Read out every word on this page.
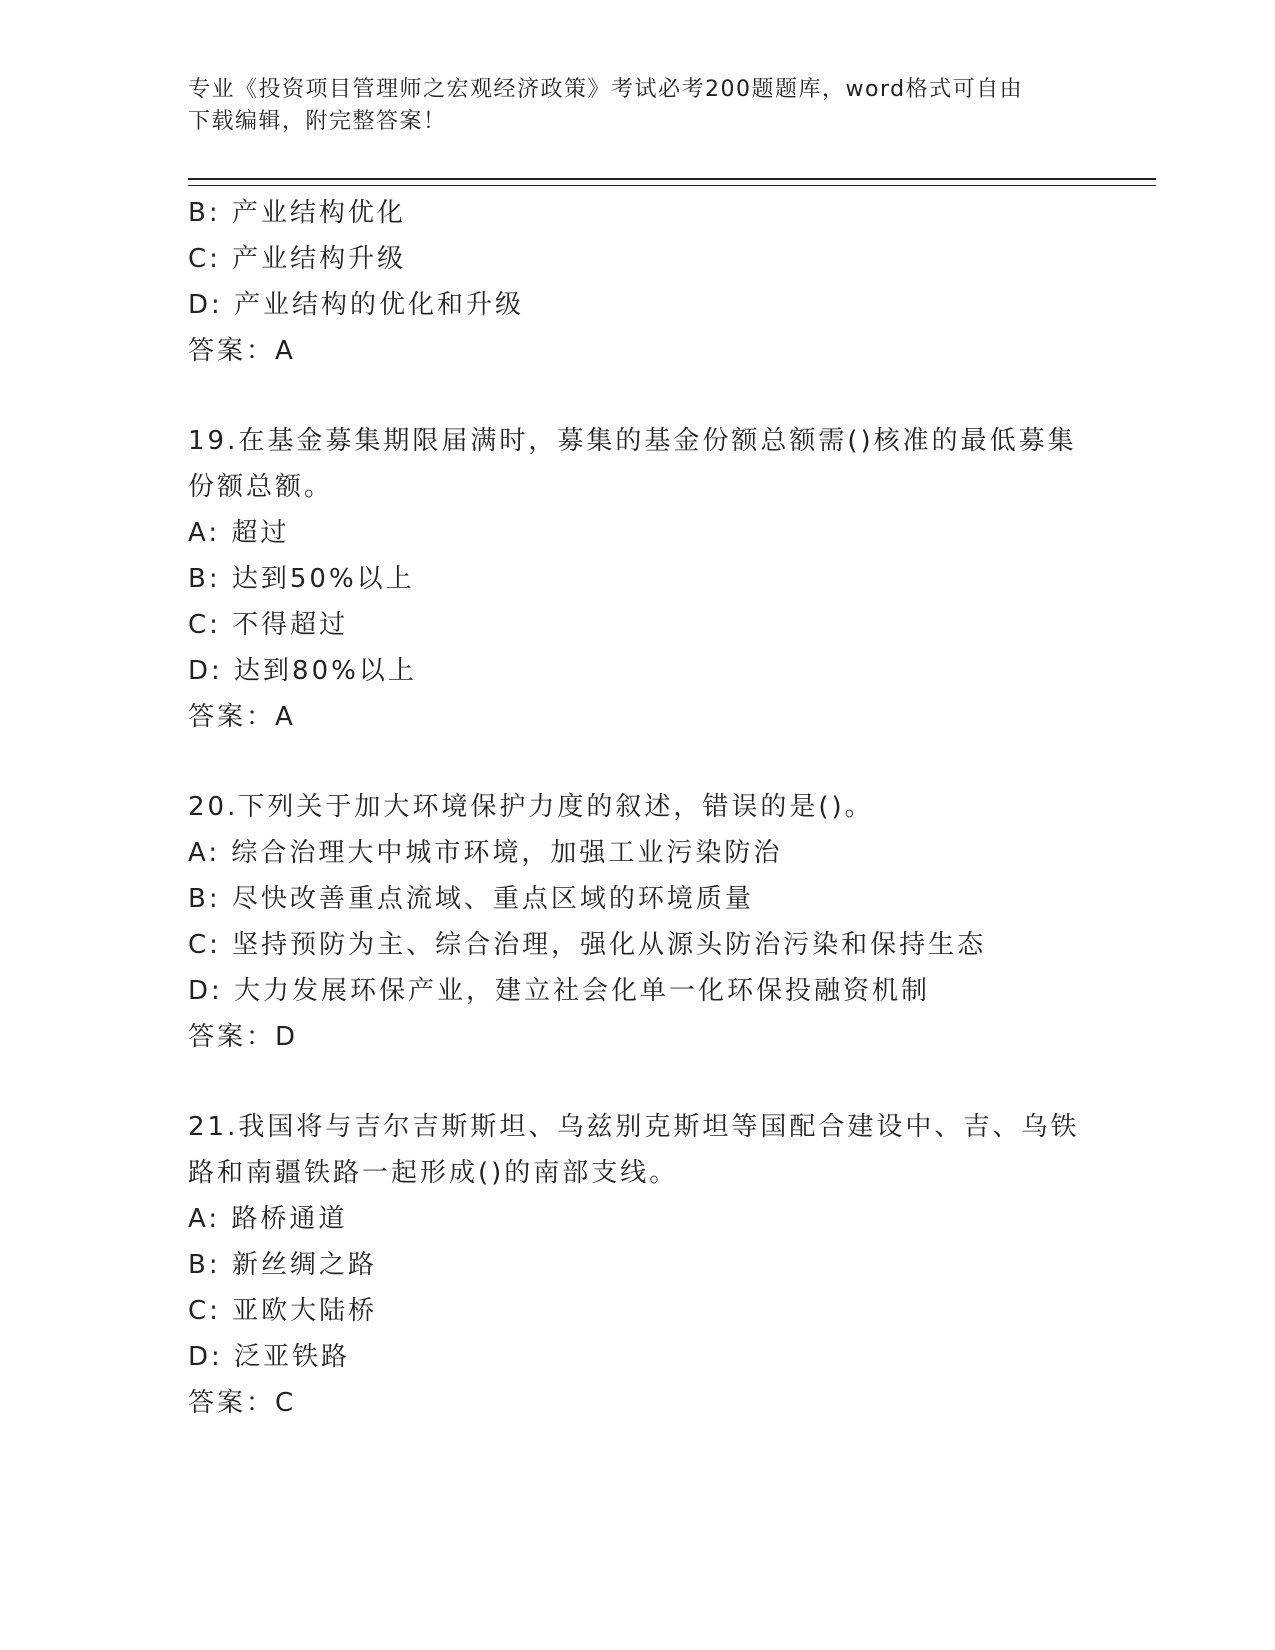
专业《投资项目管理师之宏观经济政策》考试必考200题题库，word格式可自由
下载编辑，附完整答案！
B: 产业结构优化
C: 产业结构升级
D: 产业结构的优化和升级
答案：A
19.在基金募集期限届满时，募集的基金份额总额需()核准的最低募集
份额总额。
A: 超过
B: 达到50%以上
C: 不得超过
D: 达到80%以上
答案：A
20.下列关于加大环境保护力度的叙述，错误的是()。
A: 综合治理大中城市环境，加强工业污染防治
B: 尽快改善重点流域、重点区域的环境质量
C: 坚持预防为主、综合治理，强化从源头防治污染和保持生态
D: 大力发展环保产业，建立社会化单一化环保投融资机制
答案：D
21.我国将与吉尔吉斯斯坦、乌兹别克斯坦等国配合建设中、吉、乌铁
路和南疆铁路一起形成()的南部支线。
A: 路桥通道
B: 新丝绸之路
C: 亚欧大陆桥
D: 泛亚铁路
答案：C
